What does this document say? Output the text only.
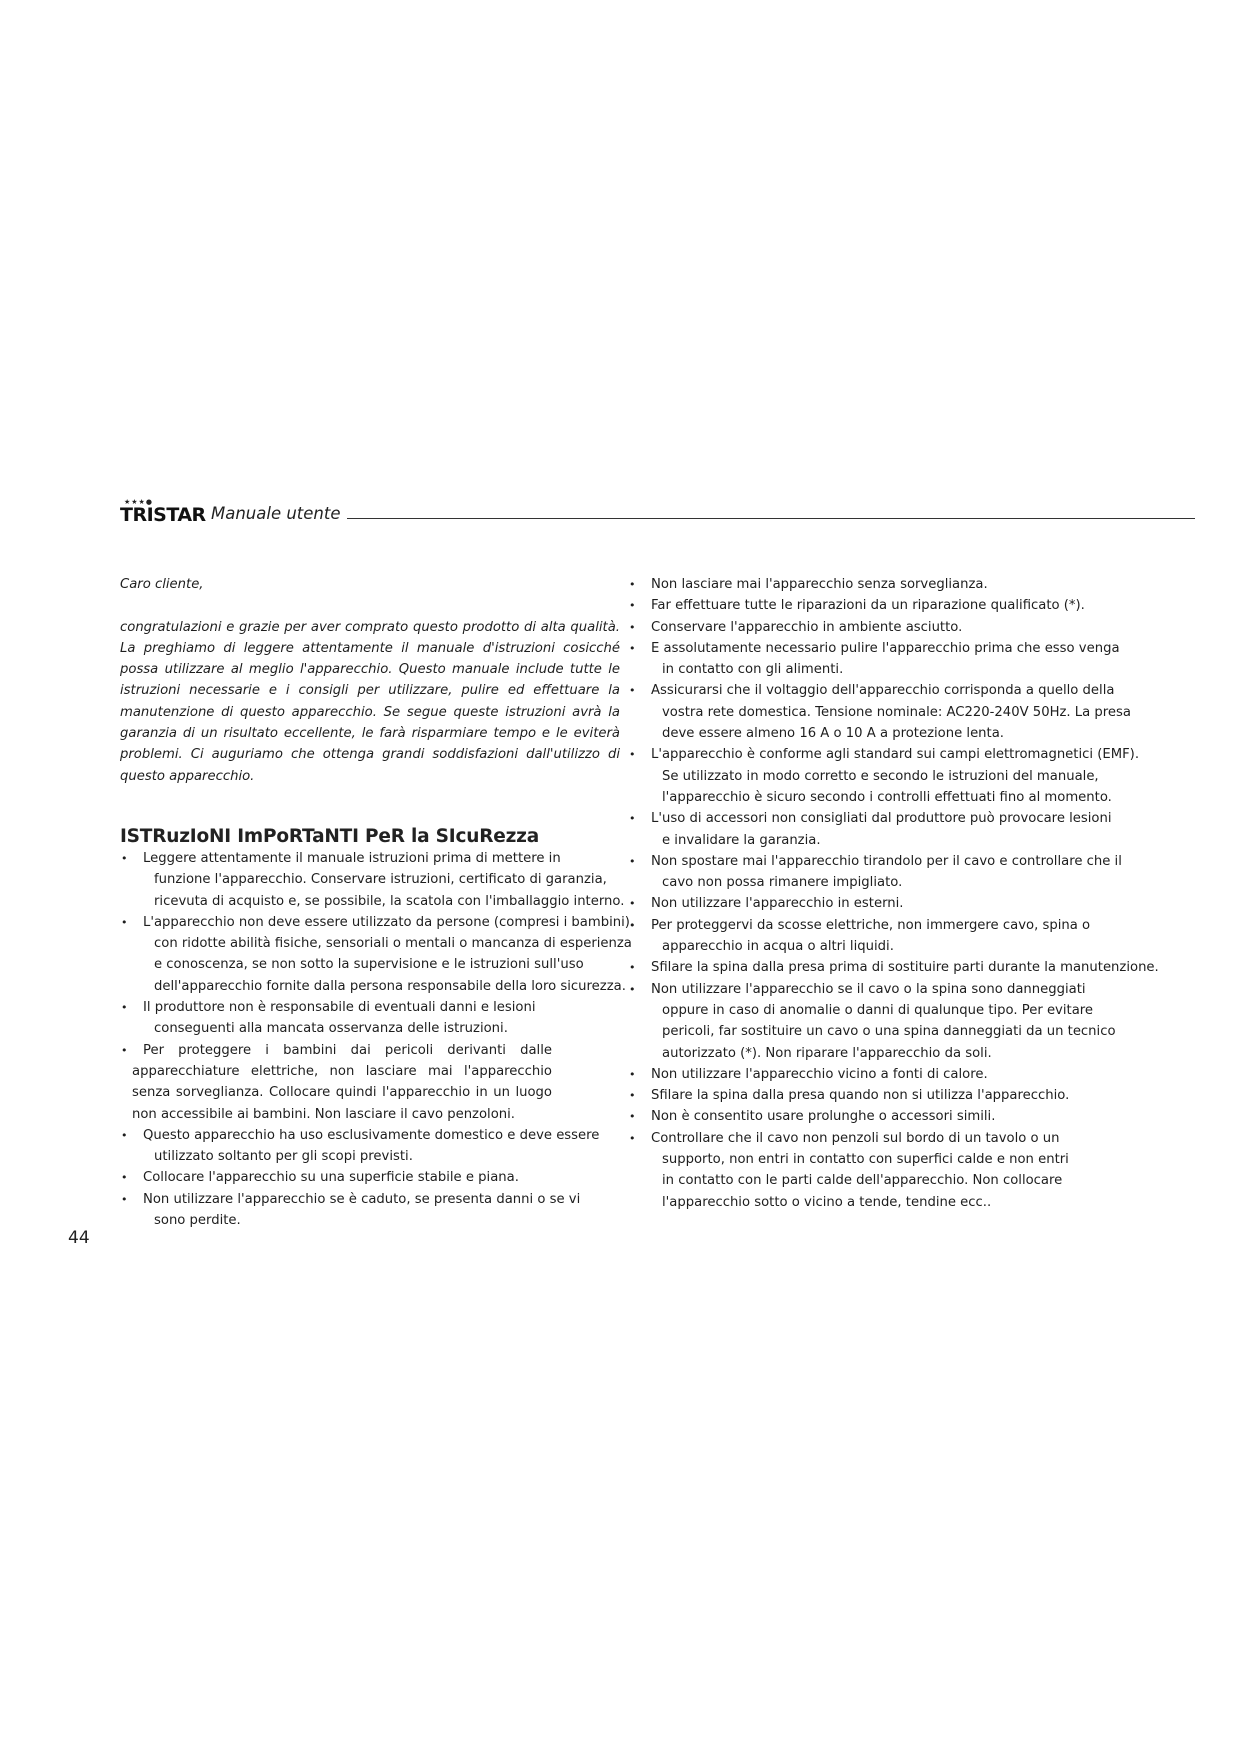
★★★●
TRISTAR Manuale utente

Caro cliente,

congratulazioni e grazie per aver comprato questo prodotto di alta qualità. La preghiamo di leggere attentamente il manuale d'istruzioni cosicché possa utilizzare al meglio l'apparecchio. Questo manuale include tutte le istruzioni necessarie e i consigli per utilizzare, pulire ed effettuare la manutenzione di questo apparecchio. Se segue queste istruzioni avrà la garanzia di un risultato eccellente, le farà risparmiare tempo e le eviterà problemi. Ci auguriamo che ottenga grandi soddisfazioni dall'utilizzo di questo apparecchio.

ISTRuzIoNI ImPoRTaNTI PeR la SIcuRezza
• Leggere attentamente il manuale istruzioni prima di mettere in
funzione l'apparecchio. Conservare istruzioni, certificato di garanzia,
ricevuta di acquisto e, se possibile, la scatola con l'imballaggio interno.
• L'apparecchio non deve essere utilizzato da persone (compresi i bambini)
con ridotte abilità fisiche, sensoriali o mentali o mancanza di esperienza
e conoscenza, se non sotto la supervisione e le istruzioni sull'uso
dell'apparecchio fornite dalla persona responsabile della loro sicurezza.
• Il produttore non è responsabile di eventuali danni e lesioni
conseguenti alla mancata osservanza delle istruzioni.
• Per proteggere i bambini dai pericoli derivanti dalle apparecchiature elettriche, non lasciare mai l'apparecchio senza sorveglianza. Collocare quindi l'apparecchio in un luogo non accessibile ai bambini. Non lasciare il cavo penzoloni.
• Questo apparecchio ha uso esclusivamente domestico e deve essere
utilizzato soltanto per gli scopi previsti.
• Collocare l'apparecchio su una superficie stabile e piana.
• Non utilizzare l'apparecchio se è caduto, se presenta danni o se vi
sono perdite.
• Non lasciare mai l'apparecchio senza sorveglianza.
• Far effettuare tutte le riparazioni da un riparazione qualificato (*).
• Conservare l'apparecchio in ambiente asciutto.
• E assolutamente necessario pulire l'apparecchio prima che esso venga
in contatto con gli alimenti.
• Assicurarsi che il voltaggio dell'apparecchio corrisponda a quello della
vostra rete domestica. Tensione nominale: AC220-240V 50Hz. La presa
deve essere almeno 16 A o 10 A a protezione lenta.
• L'apparecchio è conforme agli standard sui campi elettromagnetici (EMF).
Se utilizzato in modo corretto e secondo le istruzioni del manuale,
l'apparecchio è sicuro secondo i controlli effettuati fino al momento.
• L'uso di accessori non consigliati dal produttore può provocare lesioni
e invalidare la garanzia.
• Non spostare mai l'apparecchio tirandolo per il cavo e controllare che il
cavo non possa rimanere impigliato.
• Non utilizzare l'apparecchio in esterni.
• Per proteggervi da scosse elettriche, non immergere cavo, spina o
apparecchio in acqua o altri liquidi.
• Sfilare la spina dalla presa prima di sostituire parti durante la manutenzione.
• Non utilizzare l'apparecchio se il cavo o la spina sono danneggiati
oppure in caso di anomalie o danni di qualunque tipo. Per evitare
pericoli, far sostituire un cavo o una spina danneggiati da un tecnico
autorizzato (*). Non riparare l'apparecchio da soli.
• Non utilizzare l'apparecchio vicino a fonti di calore.
• Sfilare la spina dalla presa quando non si utilizza l'apparecchio.
• Non è consentito usare prolunghe o accessori simili.
• Controllare che il cavo non penzoli sul bordo di un tavolo o un
supporto, non entri in contatto con superfici calde e non entri
in contatto con le parti calde dell'apparecchio. Non collocare
l'apparecchio sotto o vicino a tende, tendine ecc..
44
